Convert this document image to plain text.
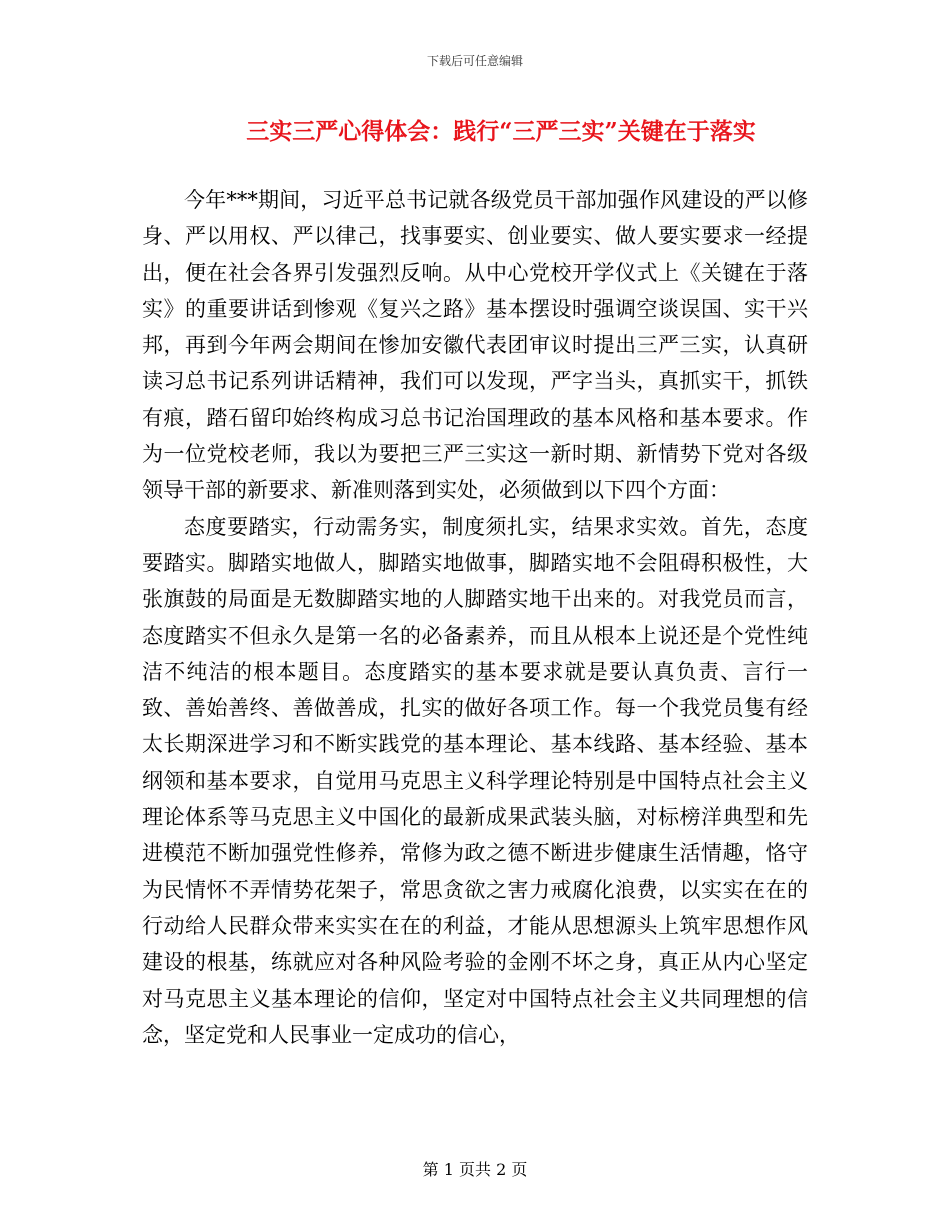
下载后可任意编辑
三实三严心得体会：践行“三严三实”关键在于落实

今年***期间，习近平总书记就各级党员干部加强作风建设的严以修身、严以用权、严以律己，找事要实、创业要实、做人要实要求一经提出，便在社会各界引发强烈反响。从中心党校开学仪式上《关键在于落实》的重要讲话到惨观《复兴之路》基本摆设时强调空谈误国、实干兴邦，再到今年两会期间在惨加安徽代表团审议时提出三严三实，认真研读习总书记系列讲话精神，我们可以发现，严字当头，真抓实干，抓铁有痕，踏石留印始终构成习总书记治国理政的基本风格和基本要求。作为一位党校老师，我以为要把三严三实这一新时期、新情势下党对各级领导干部的新要求、新准则落到实处，必须做到以下四个方面：

态度要踏实，行动需务实，制度须扎实，结果求实效。首先，态度要踏实。脚踏实地做人，脚踏实地做事，脚踏实地不会阻碍积极性，大张旗鼓的局面是无数脚踏实地的人脚踏实地干出来的。对我党员而言，态度踏实不但永久是第一名的必备素养，而且从根本上说还是个党性纯洁不纯洁的根本题目。态度踏实的基本要求就是要认真负责、言行一致、善始善终、善做善成，扎实的做好各项工作。每一个我党员隻有经太长期深进学习和不断实践党的基本理论、基本线路、基本经验、基本纲领和基本要求，自觉用马克思主义科学理论特别是中国特点社会主义理论体系等马克思主义中国化的最新成果武装头脑，对标榜洋典型和先进模范不断加强党性修养，常修为政之德不断进步健康生活情趣，恪守为民情怀不弄情势花架子，常思贪欲之害力戒腐化浪费，以实实在在的行动给人民群众带来实实在在的利益，才能从思想源头上筑牢思想作风建设的根基，练就应对各种风险考验的金刚不坏之身，真正从内心坚定对马克思主义基本理论的信仰，坚定对中国特点社会主义共同理想的信念，坚定党和人民事业一定成功的信心，

第 1 页共 2 页
